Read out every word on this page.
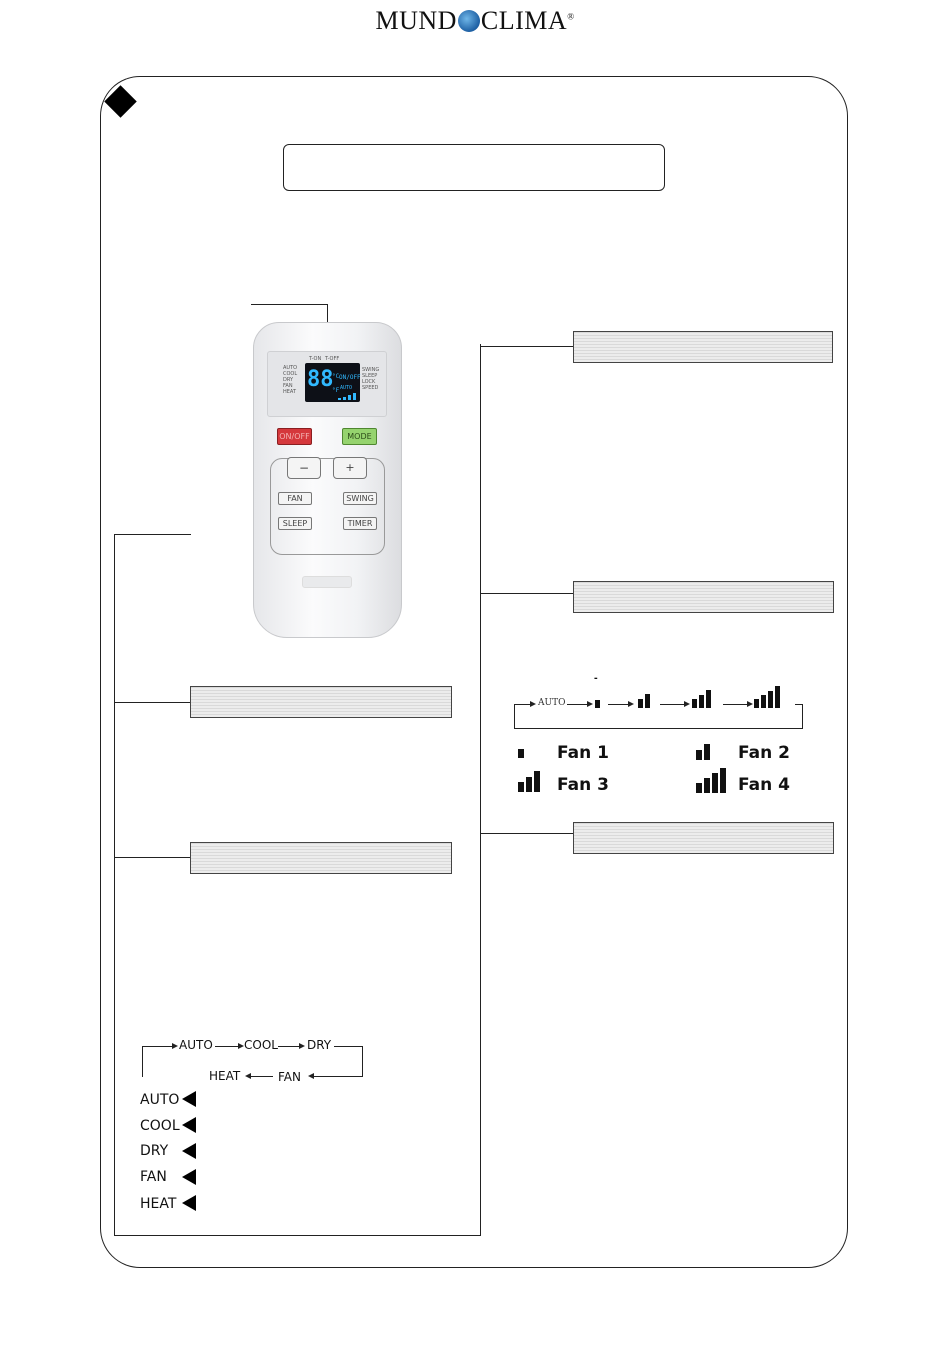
MUND CLIMA®
T-ON T-OFF
AUTO
COOL
DRY
FAN
HEAT
SWING
SLEEP
LOCK
SPEED
88
°C
°F
ON/OFF
AUTO
ON/OFF	MODE
−	+
FAN	SWING
SLEEP	TIMER
-
AUTO
Fan 1	Fan 2
Fan 3	Fan 4
AUTO	COOL DRY
FAN
HEAT
AUTO
COOL
DRY
FAN
HEAT
